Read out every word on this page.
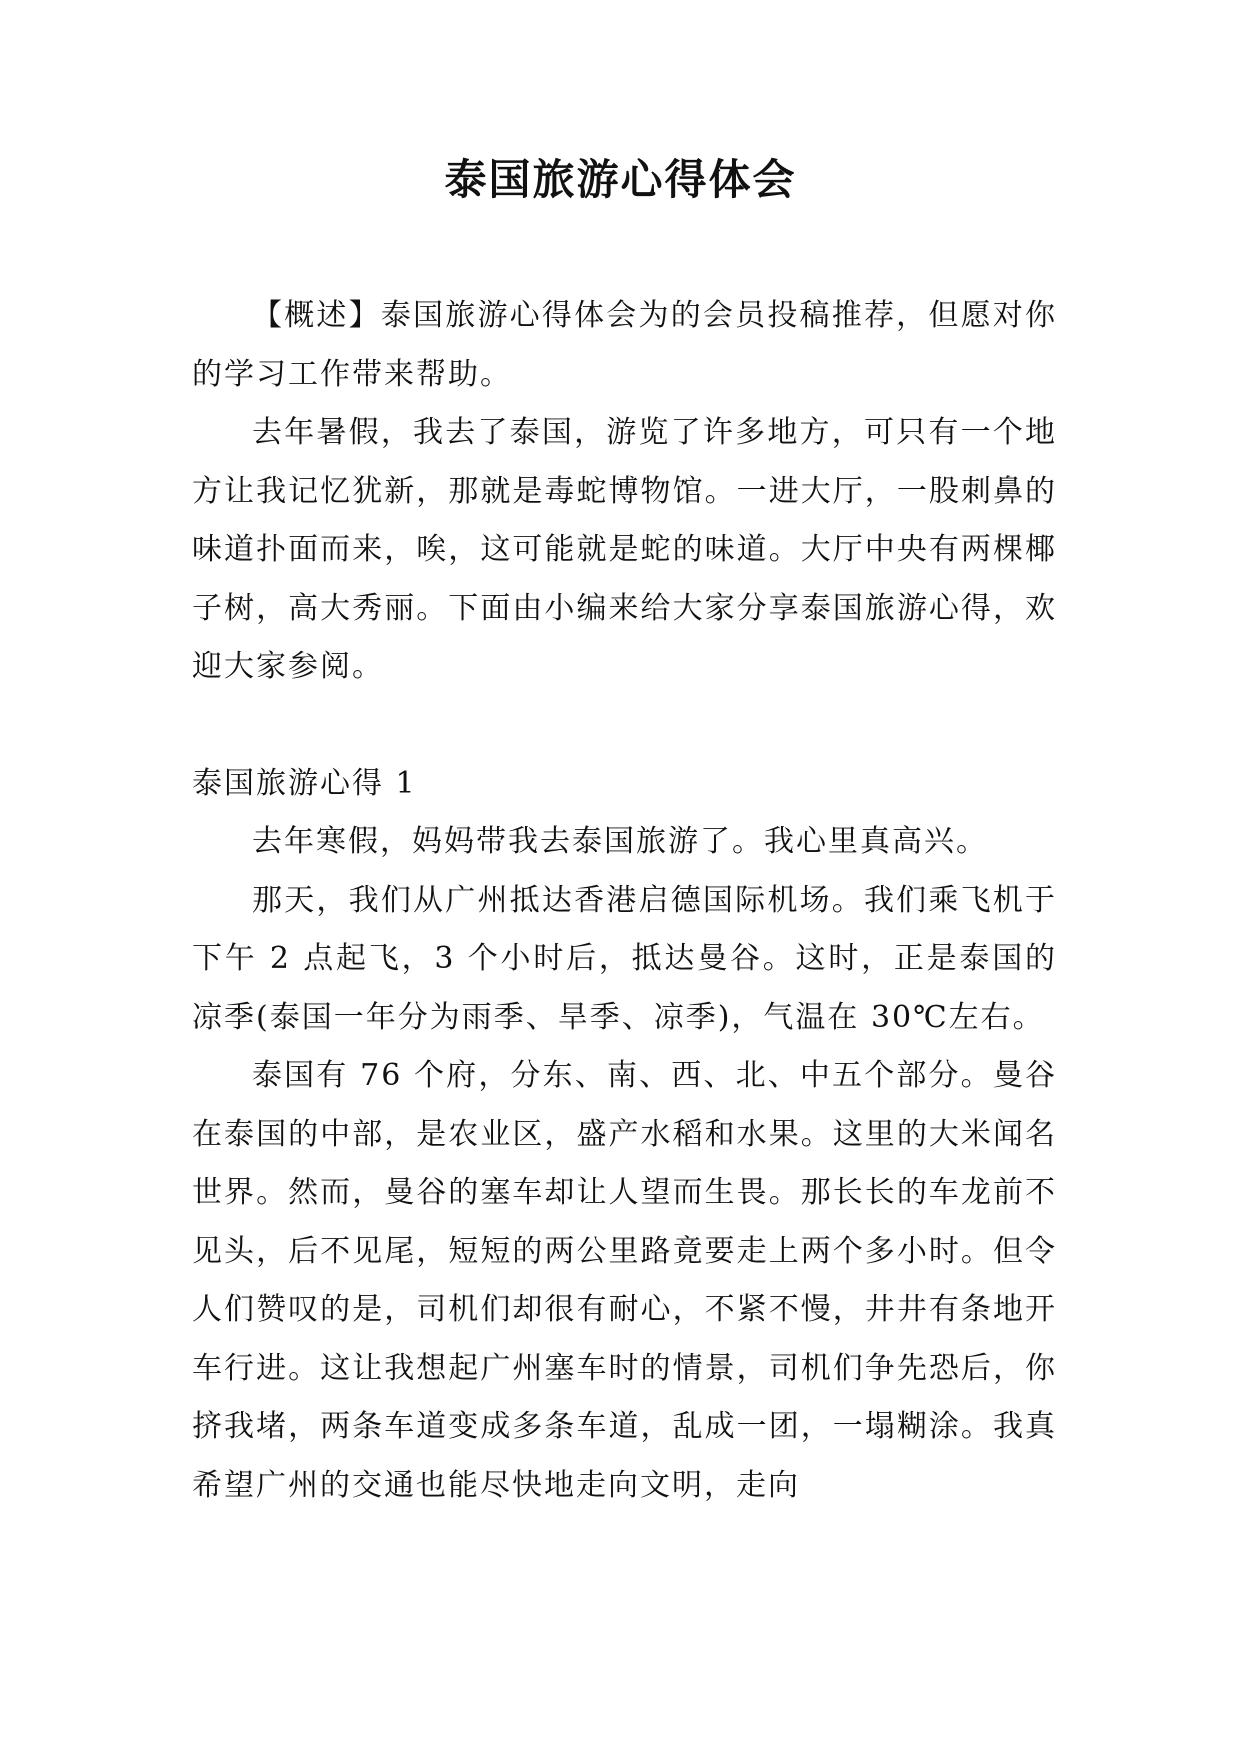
泰国旅游心得体会

【概述】泰国旅游心得体会为的会员投稿推荐，但愿对你的学习工作带来帮助。

去年暑假，我去了泰国，游览了许多地方，可只有一个地方让我记忆犹新，那就是毒蛇博物馆。一进大厅，一股刺鼻的味道扑面而来，唉，这可能就是蛇的味道。大厅中央有两棵椰子树，高大秀丽。下面由小编来给大家分享泰国旅游心得，欢迎大家参阅。

泰国旅游心得 1

去年寒假，妈妈带我去泰国旅游了。我心里真高兴。

那天，我们从广州抵达香港启德国际机场。我们乘飞机于下午 2 点起飞，3 个小时后，抵达曼谷。这时，正是泰国的凉季(泰国一年分为雨季、旱季、凉季)，气温在 30℃左右。

泰国有 76 个府，分东、南、西、北、中五个部分。曼谷在泰国的中部，是农业区，盛产水稻和水果。这里的大米闻名世界。然而，曼谷的塞车却让人望而生畏。那长长的车龙前不见头，后不见尾，短短的两公里路竟要走上两个多小时。但令人们赞叹的是，司机们却很有耐心，不紧不慢，井井有条地开车行进。这让我想起广州塞车时的情景，司机们争先恐后，你挤我堵，两条车道变成多条车道，乱成一团，一塌糊涂。我真希望广州的交通也能尽快地走向文明，走向
